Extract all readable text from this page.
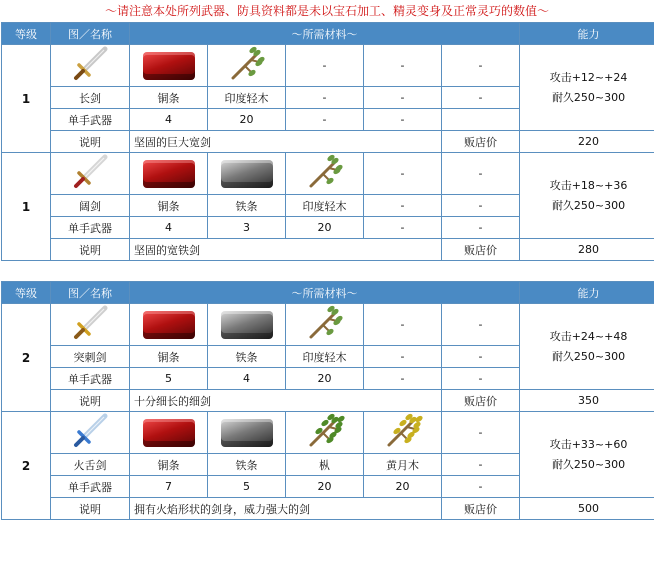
～请注意本处所列武器、防具资料都是未以宝石加工、精灵变身及正常灵巧的数值～
等级	图／名称	～所需材料～					能力
1				-	-	-	攻击+12~+24
耐久250~300

	长剑	铜条	印度轻木	-	-	-	
	单手武器	4	20	-	-		
	说明	坚固的巨大宽剑				贩店价	220
1					-	-	攻击+18~+36
耐久250~300

	阔剑	铜条	铁条	印度轻木	-	-	
	单手武器	4	3	20	-	-	
	说明	坚固的宽铁剑				贩店价	280
等级	图／名称	～所需材料～					能力
2					-	-	攻击+24~+48
耐久250~300

	突刺剑	铜条	铁条	印度轻木	-	-	
	单手武器	5	4	20	-	-	
	说明	十分细长的细剑				贩店价	350
2						-	攻击+33~+60
耐久250~300

	火舌剑	铜条	铁条	枞	黄月木	-	
	单手武器	7	5	20	20	-	
	说明	拥有火焰形状的剑身，威力强大的剑				贩店价	500
